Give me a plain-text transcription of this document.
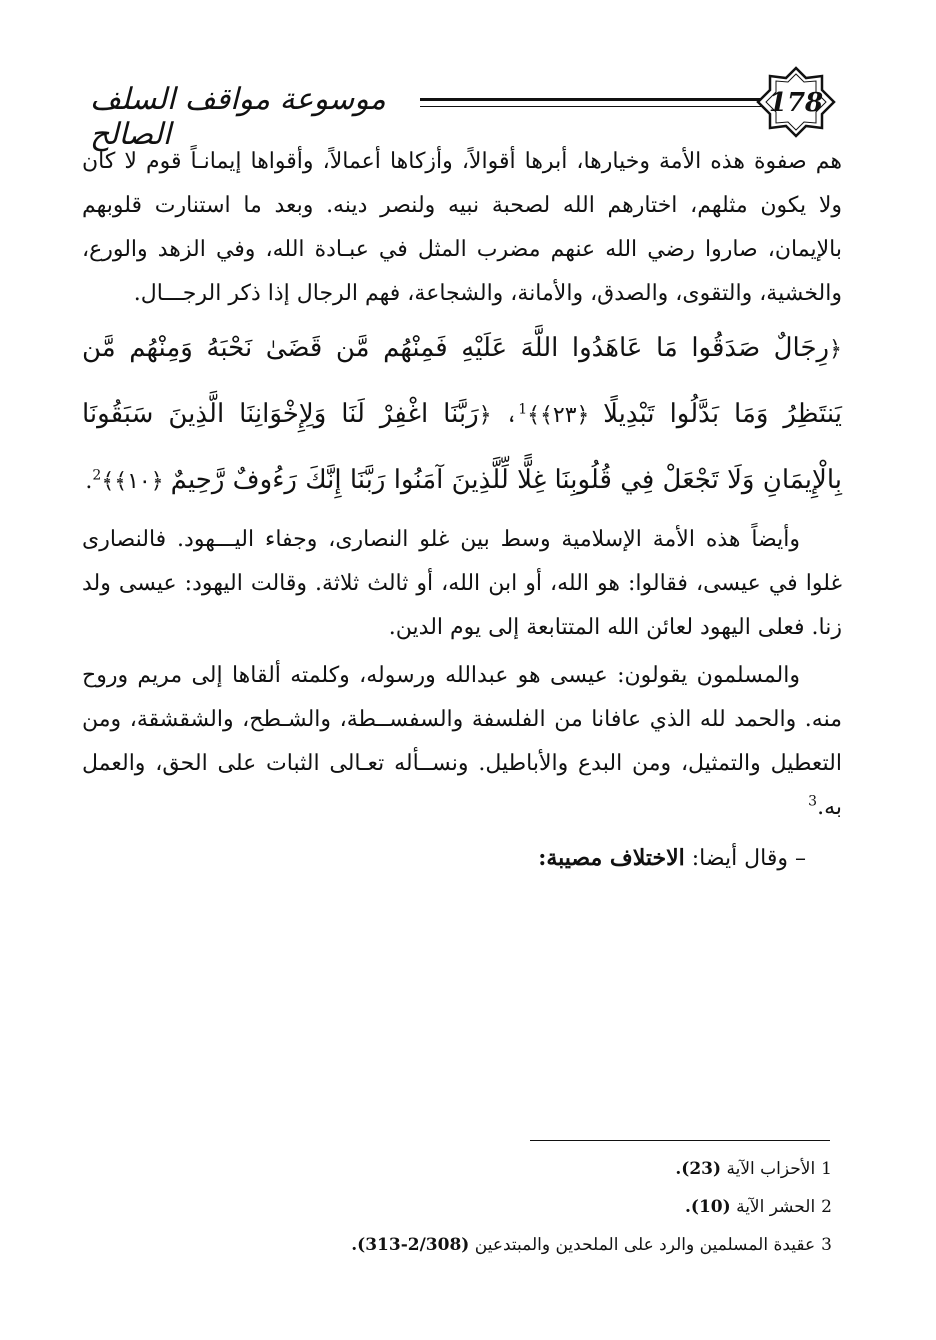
موسوعة مواقف السلف الصالح
178

هم صفوة هذه الأمة وخيارها، أبرها أقوالاً، وأزكاها أعمالاً، وأقواها إيمانـاً قوم لا كان ولا يكون مثلهم، اختارهم الله لصحبة نبيه ولنصر دينه. وبعد ما استنارت قلوبهم بالإيمان، صاروا رضي الله عنهم مضرب المثل في عبـادة الله، وفي الزهد والورع، والخشية، والتقوى، والصدق، والأمانة، والشجاعة، فهم الرجال إذا ذكر الرجـــال.

﴿رِجَالٌ صَدَقُوا مَا عَاهَدُوا اللَّهَ عَلَيْهِ فَمِنْهُم مَّن قَضَىٰ نَحْبَهُ وَمِنْهُم مَّن يَنتَظِرُ وَمَا بَدَّلُوا تَبْدِيلًا ﴿٢٣﴾﴾$^1$، ﴿رَبَّنَا اغْفِرْ لَنَا وَلِإِخْوَانِنَا الَّذِينَ سَبَقُونَا بِالْإِيمَانِ وَلَا تَجْعَلْ فِي قُلُوبِنَا غِلًّا لِّلَّذِينَ آمَنُوا رَبَّنَا إِنَّكَ رَءُوفٌ رَّحِيمٌ ﴿١٠﴾﴾$^2$.

وأيضاً هذه الأمة الإسلامية وسط بين غلو النصارى، وجفاء اليـــهود. فالنصارى غلوا في عيسى، فقالوا: هو الله، أو ابن الله، أو ثالث ثلاثة. وقالت اليهود: عيسى ولد زنا. فعلى اليهود لعائن الله المتتابعة إلى يوم الدين.

والمسلمون يقولون: عيسى هو عبدالله ورسوله، وكلمته ألقاها إلى مريم وروح منه. والحمد لله الذي عافانا من الفلسفة والسفســطة، والشـطح، والشقشقة، ومن التعطيل والتمثيل، ومن البدع والأباطيل. ونســأله تعـالى الثبات على الحق، والعمل به.$^3$

– وقال أيضا: الاختلاف مصيبة:

1الأحزاب الآية (23).

2الحشر الآية (10).

3عقيدة المسلمين والرد على الملحدين والمبتدعين (2/308-313).
